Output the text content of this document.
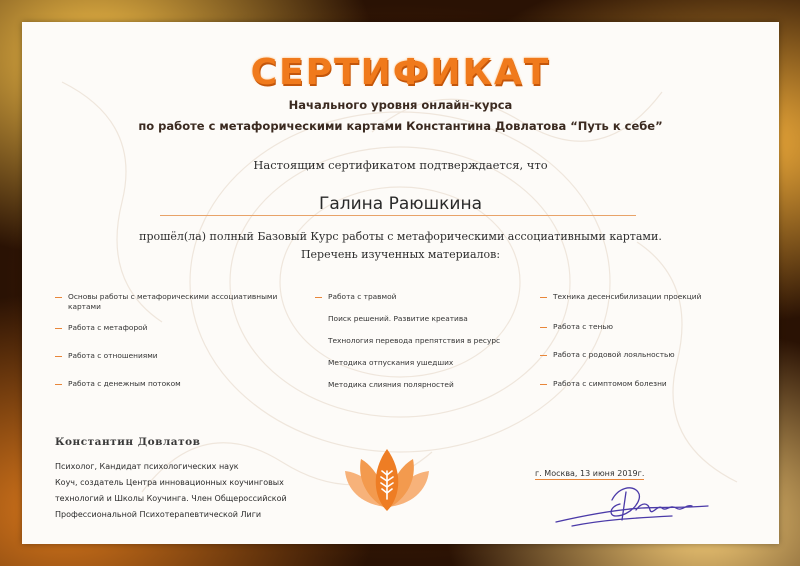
СЕРТИФИКАТ
Начального уровня онлайн-курса
по работе с метафорическими картами Константина Довлатова “Путь к себе”
Настоящим сертификатом подтверждается, что
Галина Раюшкина
прошёл(ла) полный Базовый Курс работы с метафорическими ассоциативными картами.
Перечень изученных материалов:
Основы работы с метафорическими ассоциативными картами
Работа с метафорой
Работа с отношениями
Работа с денежным потоком
Работа с травмой
Поиск решений. Развитие креатива
Технология перевода препятствия в ресурс
Методика отпускания ушедших
Методика слияния полярностей
Техника десенсибилизации проекций
Работа с тенью
Работа с родовой лояльностью
Работа с симптомом болезни
Константин Довлатов
Психолог, Кандидат психологических наук
Коуч, создатель Центра инновационных коучинговых
технологий и Школы Коучинга. Член Общероссийской
Профессиональной Психотерапевтической Лиги
г. Москва, 13 июня 2019г.
